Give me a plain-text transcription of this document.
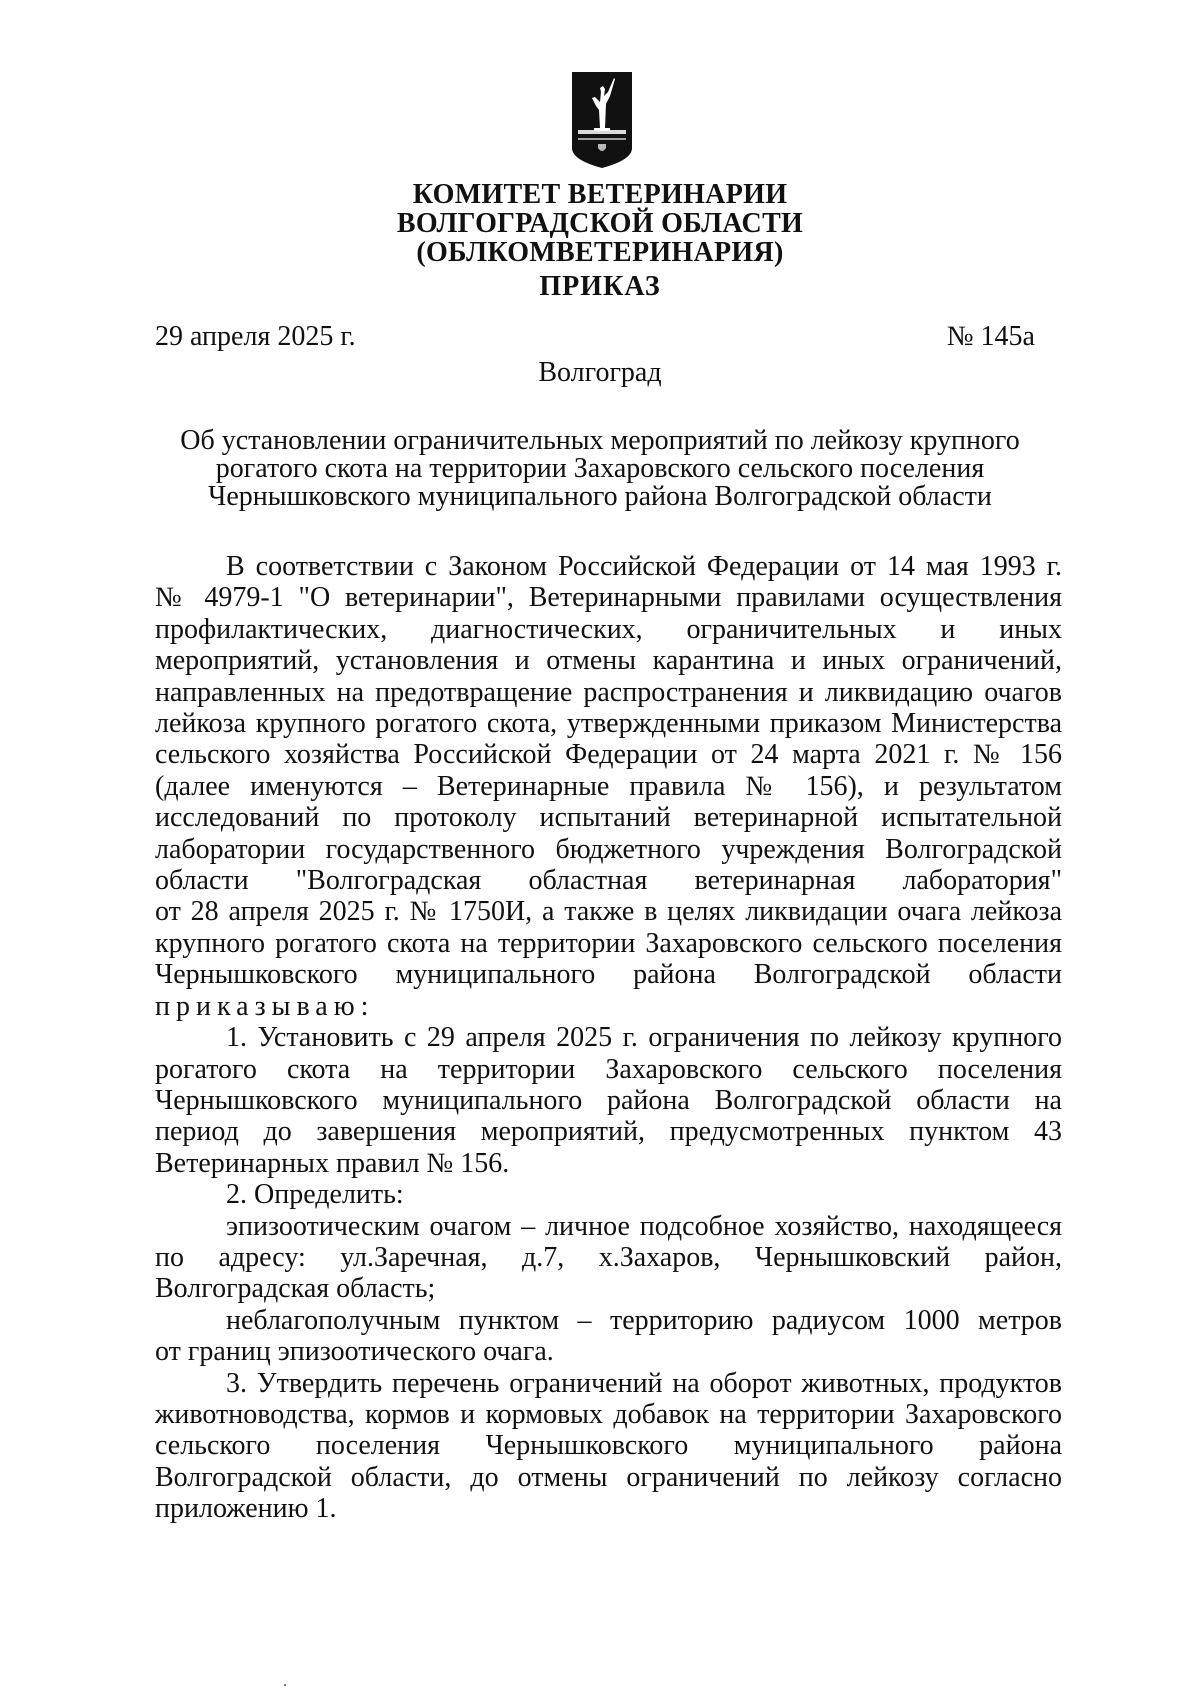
КОМИТЕТ ВЕТЕРИНАРИИ
ВОЛГОГРАДСКОЙ ОБЛАСТИ
(ОБЛКОМВЕТЕРИНАРИЯ)
ПРИКАЗ
29 апреля 2025 г.	№ 145а
Волгоград
Об установлении ограничительных мероприятий по лейкозу крупного
рогатого скота на территории Захаровского сельского поселения
Чернышковского муниципального района Волгоградской области
В соответствии с Законом Российской Федерации от 14 мая 1993 г.
№ 4979-1 "О ветеринарии", Ветеринарными правилами осуществления
профилактических, диагностических, ограничительных и иных
мероприятий, установления и отмены карантина и иных ограничений,
направленных на предотвращение распространения и ликвидацию очагов
лейкоза крупного рогатого скота, утвержденными приказом Министерства
сельского хозяйства Российской Федерации от 24 марта 2021 г. № 156
(далее именуются – Ветеринарные правила № 156), и результатом
исследований по протоколу испытаний ветеринарной испытательной
лаборатории государственного бюджетного учреждения Волгоградской
области "Волгоградская областная ветеринарная лаборатория"
от 28 апреля 2025 г. № 1750И, а также в целях ликвидации очага лейкоза
крупного рогатого скота на территории Захаровского сельского поселения
Чернышковского муниципального района Волгоградской области
приказываю:
1. Установить с 29 апреля 2025 г. ограничения по лейкозу крупного
рогатого скота на территории Захаровского сельского поселения
Чернышковского муниципального района Волгоградской области на
период до завершения мероприятий, предусмотренных пунктом 43
Ветеринарных правил № 156.
2. Определить:
эпизоотическим очагом – личное подсобное хозяйство, находящееся
по адресу: ул.Заречная, д.7, х.Захаров, Чернышковский район,
Волгоградская область;
неблагополучным пунктом – территорию радиусом 1000 метров
от границ эпизоотического очага.
3. Утвердить перечень ограничений на оборот животных, продуктов
животноводства, кормов и кормовых добавок на территории Захаровского
сельского поселения Чернышковского муниципального района
Волгоградской области, до отмены ограничений по лейкозу согласно
приложению 1.
